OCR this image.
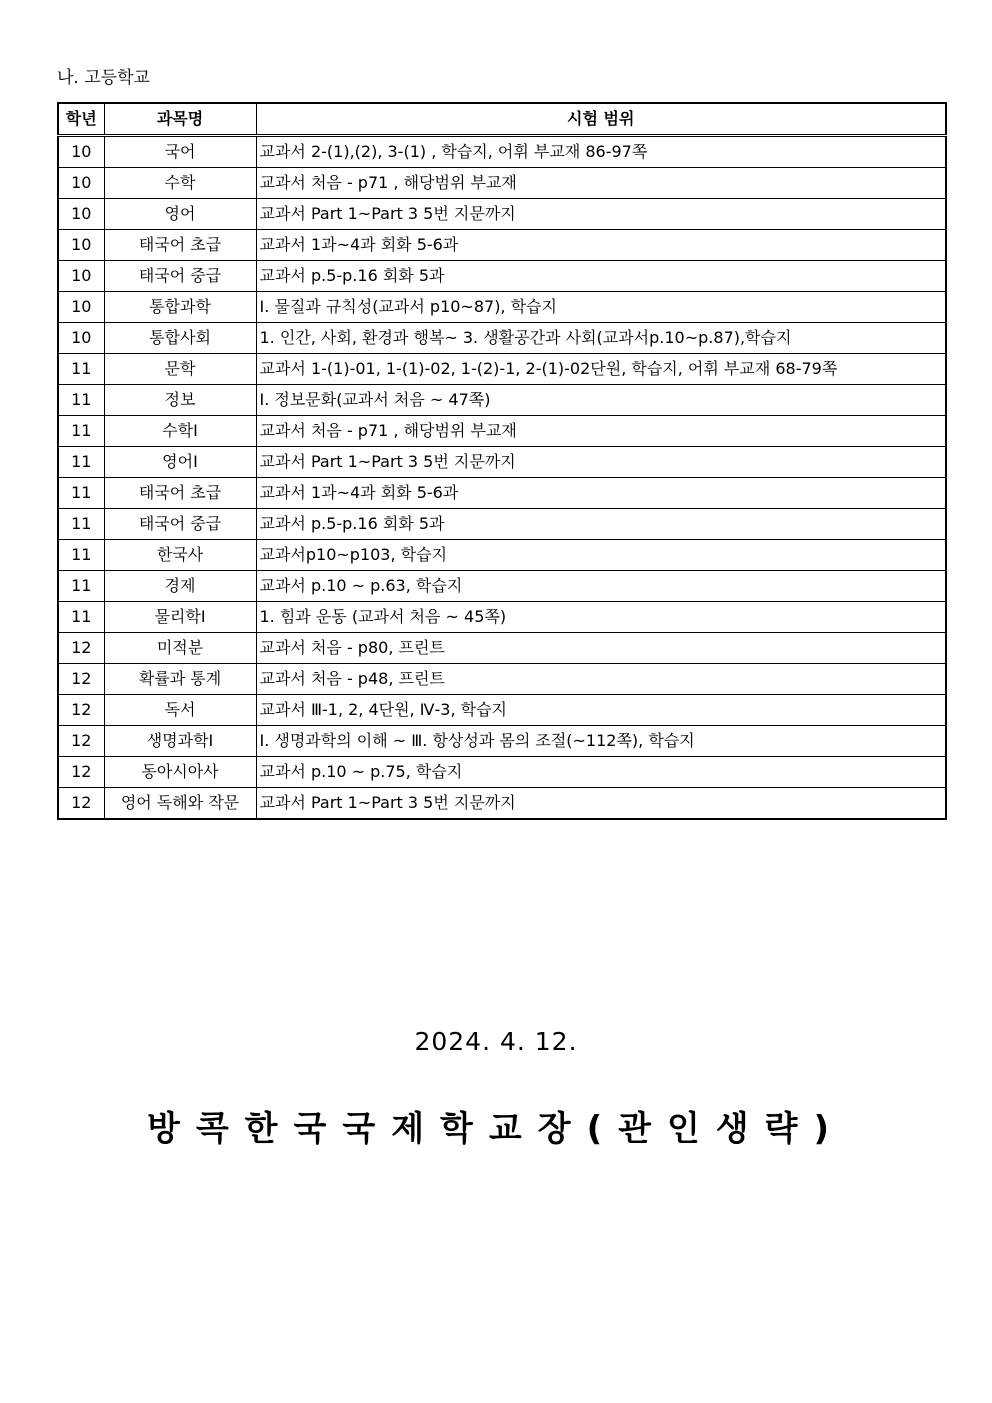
나. 고등학교
학년	과목명	시험 범위
10	국어	교과서 2-(1),(2), 3-(1) , 학습지, 어휘 부교재 86-97쪽
10	수학	교과서 처음 - p71 , 해당범위 부교재
10	영어	교과서 Part 1~Part 3 5번 지문까지
10	태국어 초급	교과서 1과~4과 회화 5-6과
10	태국어 중급	교과서 p.5-p.16 회화 5과
10	통합과학	Ⅰ. 물질과 규칙성(교과서 p10~87), 학습지
10	통합사회	1. 인간, 사회, 환경과 행복~ 3. 생활공간과 사회(교과서p.10~p.87),학습지
11	문학	교과서 1-(1)-01, 1-(1)-02, 1-(2)-1, 2-(1)-02단원, 학습지, 어휘 부교재 68-79쪽
11	정보	Ⅰ. 정보문화(교과서 처음 ~ 47쪽)
11	수학Ⅰ	교과서 처음 - p71 , 해당범위 부교재
11	영어Ⅰ	교과서 Part 1~Part 3 5번 지문까지
11	태국어 초급	교과서 1과~4과 회화 5-6과
11	태국어 중급	교과서 p.5-p.16 회화 5과
11	한국사	교과서p10~p103, 학습지
11	경제	교과서 p.10 ~ p.63, 학습지
11	물리학Ⅰ	1. 힘과 운동 (교과서 처음 ~ 45쪽)
12	미적분	교과서 처음 - p80, 프린트
12	확률과 통계	교과서 처음 - p48, 프린트
12	독서	교과서 Ⅲ-1, 2, 4단원, Ⅳ-3, 학습지
12	생명과학Ⅰ	Ⅰ. 생명과학의 이해 ~ Ⅲ. 항상성과 몸의 조절(~112쪽), 학습지
12	동아시아사	교과서 p.10 ~ p.75, 학습지
12	영어 독해와 작문	교과서 Part 1~Part 3 5번 지문까지
2024. 4. 12.
방콕한국국제학교장(관인생략)
